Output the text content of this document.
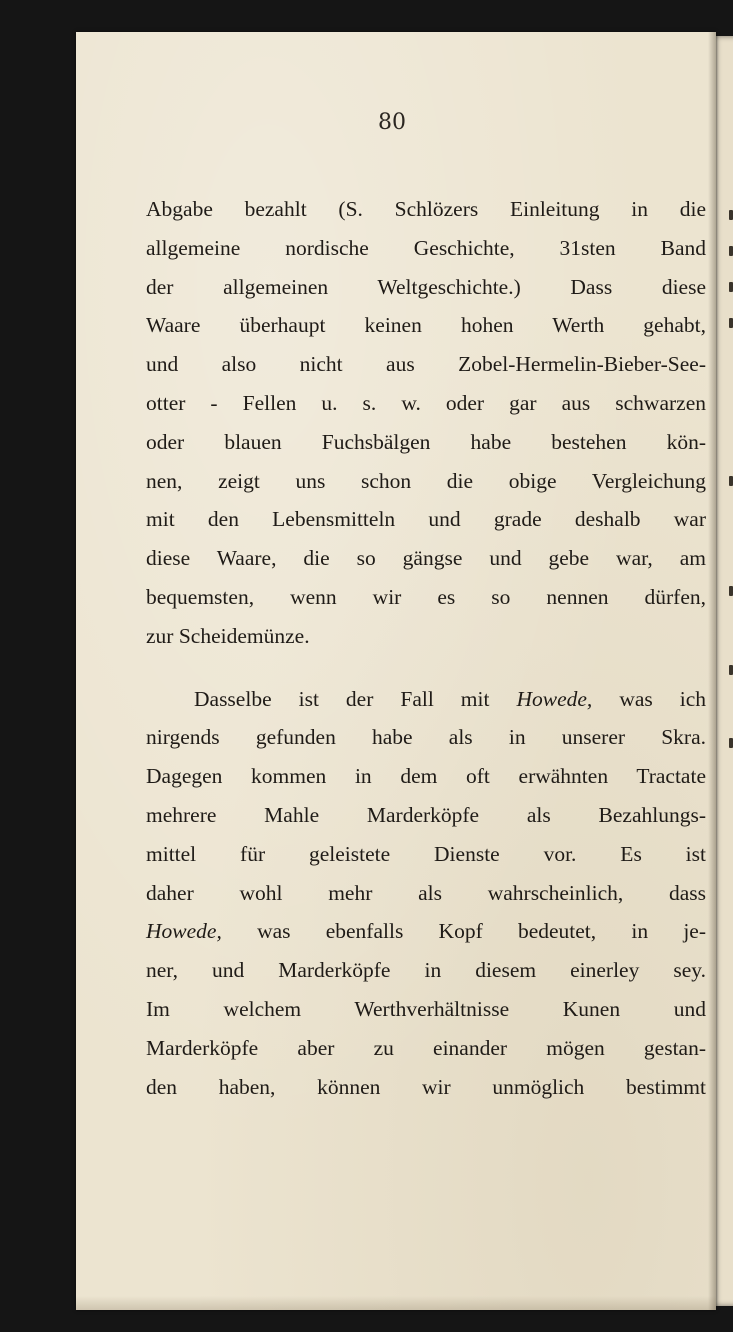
80

Abgabe bezahlt (S. Schlözers Einleitung in die
allgemeine nordische Geschichte, 31sten Band
der allgemeinen Weltgeschichte.) Dass diese
Waare überhaupt keinen hohen Werth gehabt,
und also nicht aus Zobel-Hermelin-Bieber-See-
otter - Fellen u. s. w. oder gar aus schwarzen
oder blauen Fuchsbälgen habe bestehen kön-
nen, zeigt uns schon die obige Vergleichung
mit den Lebensmitteln und grade deshalb war
diese Waare, die so gängse und gebe war, am
bequemsten, wenn wir es so nennen dürfen,
zur Scheidemünze.

Dasselbe ist der Fall mit Howede, was ich
nirgends gefunden habe als in unserer Skra.
Dagegen kommen in dem oft erwähnten Tractate
mehrere Mahle Marderköpfe als Bezahlungs-
mittel für geleistete Dienste vor. Es ist
daher wohl mehr als wahrscheinlich, dass
Howede, was ebenfalls Kopf bedeutet, in je-
ner, und Marderköpfe in diesem einerley sey.
Im welchem Werthverhältnisse Kunen und
Marderköpfe aber zu einander mögen gestan-
den haben, können wir unmöglich bestimmt
